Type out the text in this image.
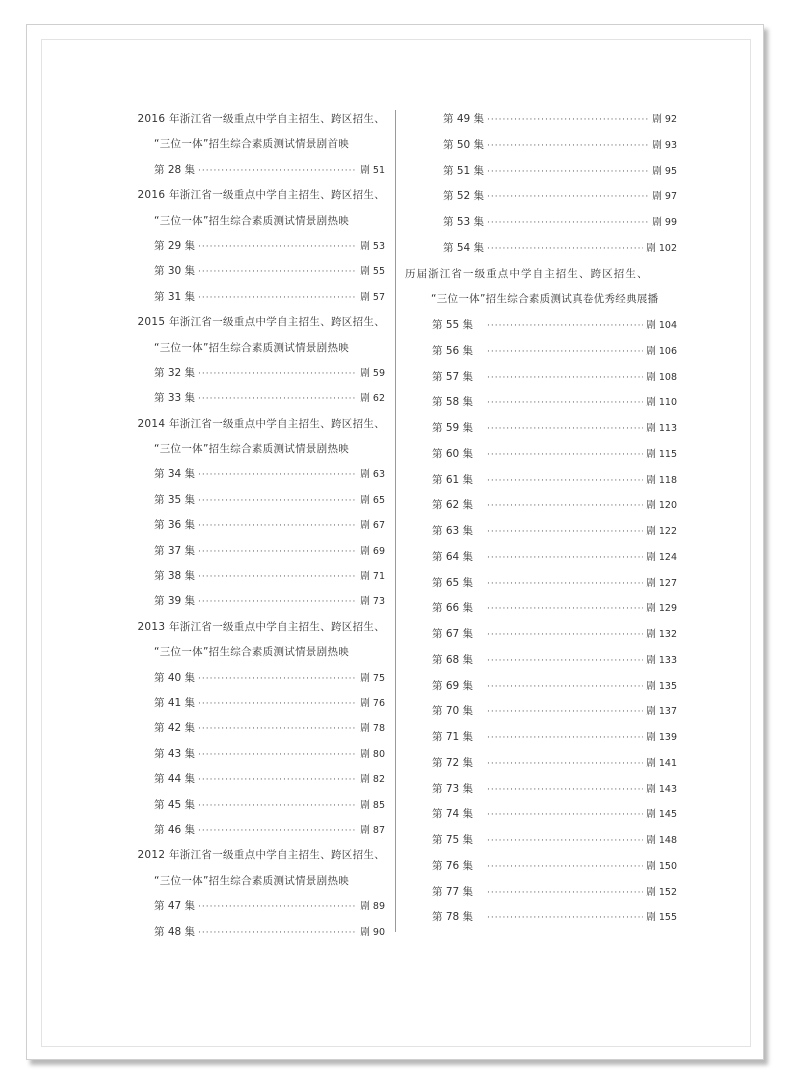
2016 年浙江省一级重点中学自主招生、跨区招生、
“三位一体”招生综合素质测试情景剧首映
第 28 集 ·····	剧 51
2016 年浙江省一级重点中学自主招生、跨区招生、
“三位一体”招生综合素质测试情景剧热映
第 29 集 ·····	剧 53
第 30 集 ·····	剧 55
第 31 集 ·····	剧 57
2015 年浙江省一级重点中学自主招生、跨区招生、
“三位一体”招生综合素质测试情景剧热映
第 32 集 ·····	剧 59
第 33 集 ·····	剧 62
2014 年浙江省一级重点中学自主招生、跨区招生、
“三位一体”招生综合素质测试情景剧热映
第 34 集 ·····	剧 63
第 35 集 ·····	剧 65
第 36 集 ·····	剧 67
第 37 集 ·····	剧 69
第 38 集 ·····	剧 71
第 39 集 ·····	剧 73
2013 年浙江省一级重点中学自主招生、跨区招生、
“三位一体”招生综合素质测试情景剧热映
第 40 集 ·····	剧 75
第 41 集 ·····	剧 76
第 42 集 ·····	剧 78
第 43 集 ·····	剧 80
第 44 集 ·····	剧 82
第 45 集 ·····	剧 85
第 46 集 ·····	剧 87
2012 年浙江省一级重点中学自主招生、跨区招生、
“三位一体”招生综合素质测试情景剧热映
第 47 集 ·····	剧 89
第 48 集 ·····	剧 90
第 49 集 ·····	剧 92
第 50 集 ·····	剧 93
第 51 集 ·····	剧 95
第 52 集 ·····	剧 97
第 53 集 ·····	剧 99
第 54 集 ·····	剧 102
历届浙江省一级重点中学自主招生、跨区招生、
“三位一体”招生综合素质测试真卷优秀经典展播
第 55 集 ·····	剧 104
第 56 集 ·····	剧 106
第 57 集 ·····	剧 108
第 58 集 ·····	剧 110
第 59 集 ·····	剧 113
第 60 集 ·····	剧 115
第 61 集 ·····	剧 118
第 62 集 ·····	剧 120
第 63 集 ·····	剧 122
第 64 集 ·····	剧 124
第 65 集 ·····	剧 127
第 66 集 ·····	剧 129
第 67 集 ·····	剧 132
第 68 集 ·····	剧 133
第 69 集 ·····	剧 135
第 70 集 ·····	剧 137
第 71 集 ·····	剧 139
第 72 集 ·····	剧 141
第 73 集 ·····	剧 143
第 74 集 ·····	剧 145
第 75 集 ·····	剧 148
第 76 集 ·····	剧 150
第 77 集 ·····	剧 152
第 78 集 ·····	剧 155
